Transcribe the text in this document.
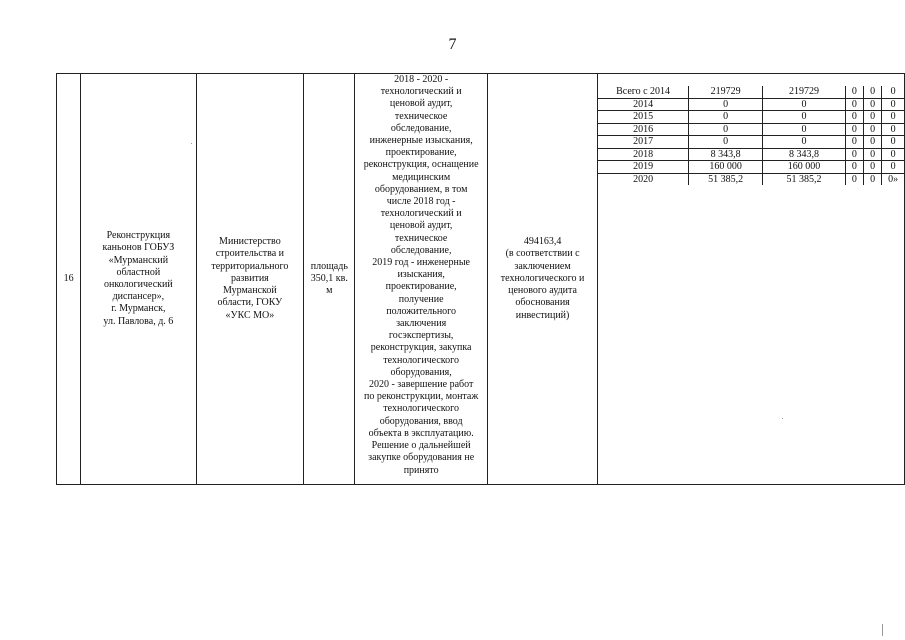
7
16	Реконструкция
каньонов ГОБУЗ
«Мурманский
областной
онкологический
диспансер»,
г. Мурманск,
ул. Павлова, д. 6	Министерство
строительства и
территориального
развития
Мурманской
области, ГОКУ
«УКС МО»	площадь
350,1 кв.
м	2018 - 2020 -
технологический и
ценовой аудит,
техническое
обследование,
инженерные изыскания,
проектирование,
реконструкция, оснащение
медицинским
оборудованием, в том
числе 2018 год -
технологический и
ценовой аудит,
техническое
обследование,
2019 год - инженерные
изыскания,
проектирование,
получение
положительного
заключения
госэкспертизы,
реконструкция, закупка
технологического
оборудования,
2020 - завершение работ
по реконструкции, монтаж
технологического
оборудования, ввод
объекта в эксплуатацию.
Решение о дальнейшей
закупке оборудования не
принято	494163,4
(в соответствии с
заключением
технологического и
ценового аудита
обоснования
инвестиций)	

Всего с 2014	219729	219729	0	0	0
2014	0	0	0	0	0
2015	0	0	0	0	0
2016	0	0	0	0	0
2017	0	0	0	0	0
2018	8 343,8	8 343,8	0	0	0
2019	160 000	160 000	0	0	0
2020	51 385,2	51 385,2	0	0	0»
